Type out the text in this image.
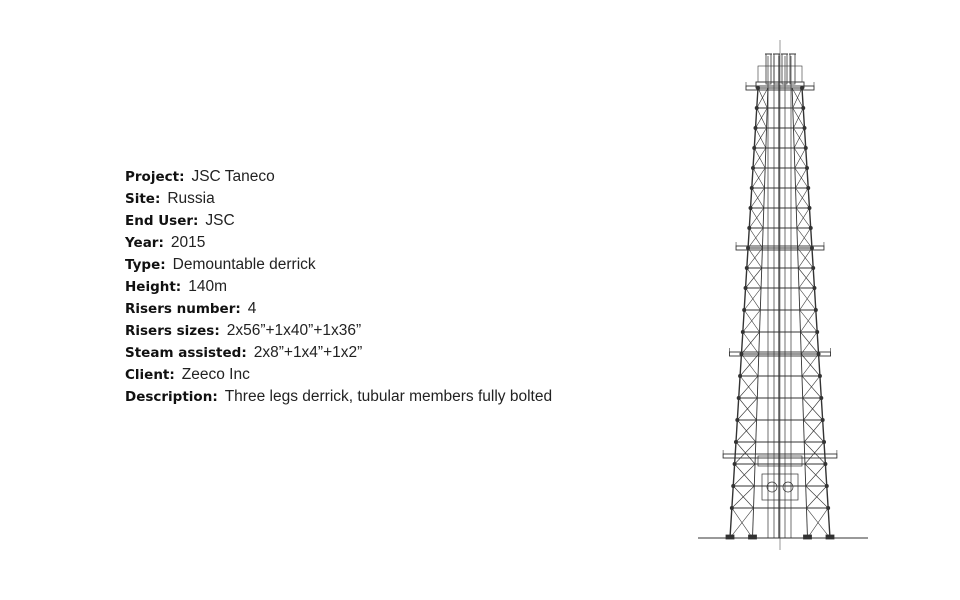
Project: JSC Taneco
Site: Russia
End User: JSC
Year: 2015
Type: Demountable derrick
Height: 140m
Risers number: 4
Risers sizes: 2x56”+1x40”+1x36”
Steam assisted: 2x8”+1x4”+1x2”
Client: Zeeco Inc
Description: Three legs derrick, tubular members fully bolted
